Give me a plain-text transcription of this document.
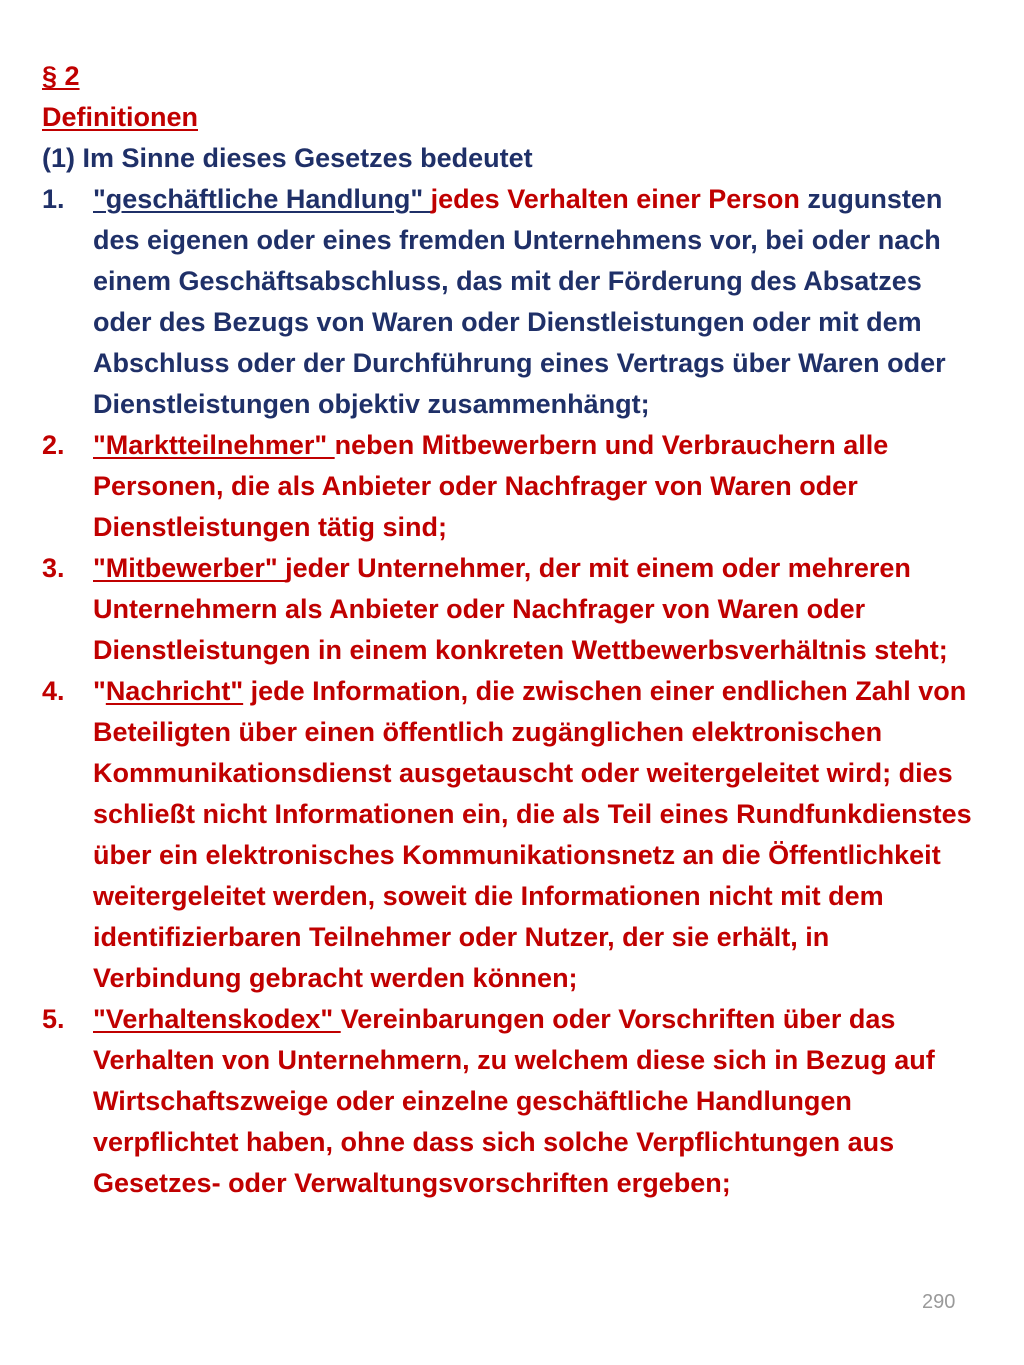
§ 2
Definitionen
(1) Im Sinne dieses Gesetzes bedeutet
1.	"geschäftliche Handlung" jedes Verhalten einer Person zugunsten des eigenen oder eines fremden Unternehmens vor, bei oder nach einem Geschäftsabschluss, das mit der Förderung des Absatzes oder des Bezugs von Waren oder Dienstleistungen oder mit dem Abschluss oder der Durchführung eines Vertrags über Waren oder Dienstleistungen objektiv zusammenhängt;
2.	"Marktteilnehmer" neben Mitbewerbern und Verbrauchern alle Personen, die als Anbieter oder Nachfrager von Waren oder Dienstleistungen tätig sind;
3.	"Mitbewerber" jeder Unternehmer, der mit einem oder mehreren Unternehmern als Anbieter oder Nachfrager von Waren oder Dienstleistungen in einem konkreten Wettbewerbsverhältnis steht;
4.	"Nachricht" jede Information, die zwischen einer endlichen Zahl von Beteiligten über einen öffentlich zugänglichen elektronischen Kommunikationsdienst ausgetauscht oder weitergeleitet wird; dies schließt nicht Informationen ein, die als Teil eines Rundfunkdienstes über ein elektronisches Kommunikationsnetz an die Öffentlichkeit weitergeleitet werden, soweit die Informationen nicht mit dem identifizierbaren Teilnehmer oder Nutzer, der sie erhält, in Verbindung gebracht werden können;
5.	"Verhaltenskodex" Vereinbarungen oder Vorschriften über das Verhalten von Unternehmern, zu welchem diese sich in Bezug auf Wirtschaftszweige oder einzelne geschäftliche Handlungen verpflichtet haben, ohne dass sich solche Verpflichtungen aus Gesetzes- oder Verwaltungsvorschriften ergeben;
290
